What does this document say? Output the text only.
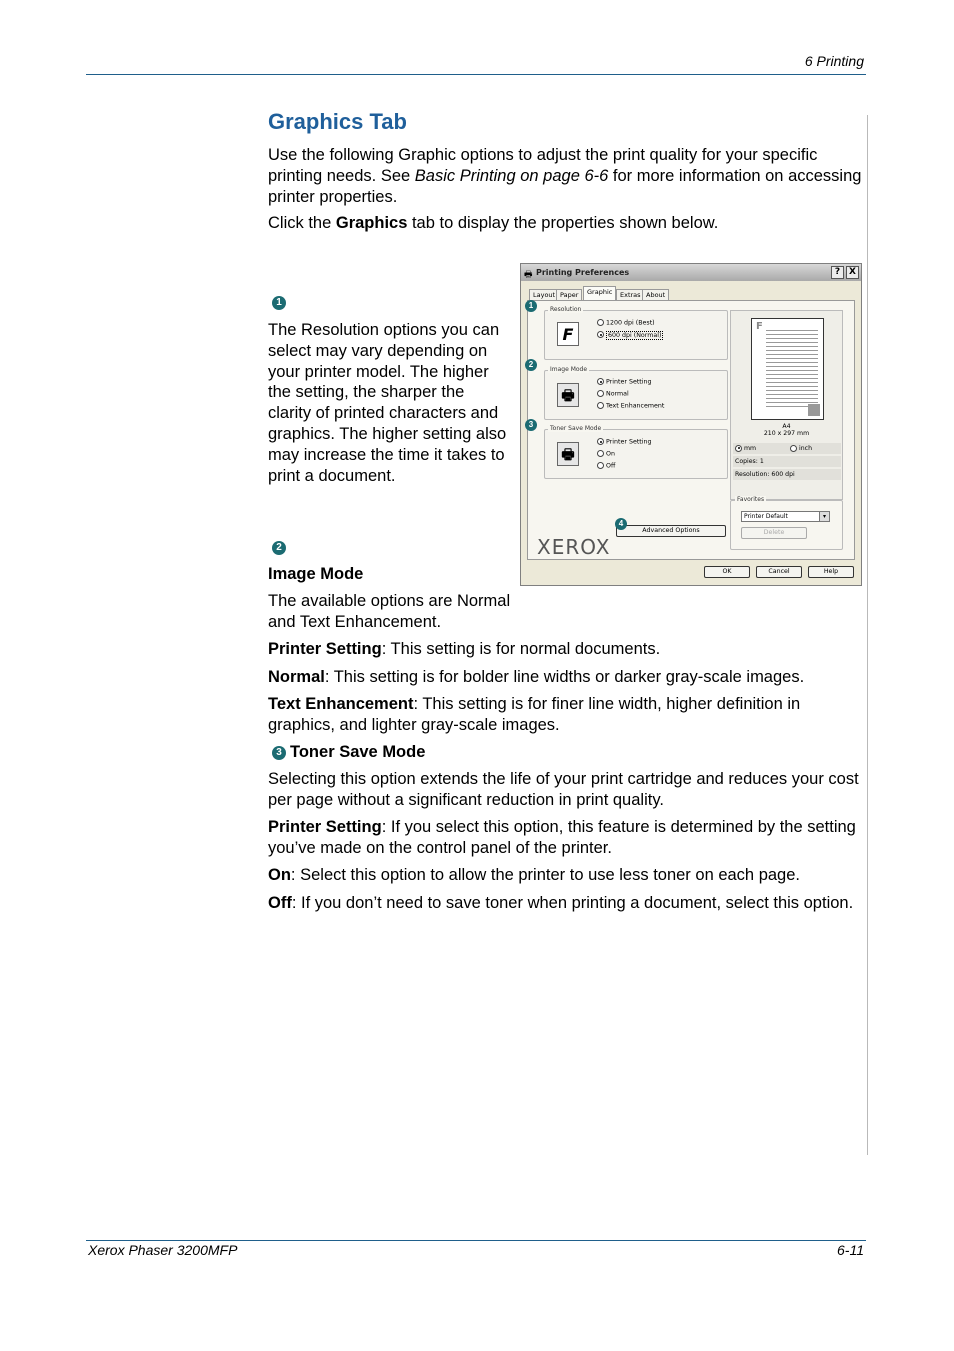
6 Printing
Xerox Phaser 3200MFP	6-11
Graphics Tab
Use the following Graphic options to adjust the print quality for your specific printing needs. See Basic Printing on page 6-6 for more information on accessing printer properties.
Click the Graphics tab to display the properties shown below.
1
The Resolution options you can select may vary depending on your printer model. The higher the setting, the sharper the clarity of printed characters and graphics. The higher setting also may increase the time it takes to print a document.
2
Image Mode
The available options are Normal and Text Enhancement.
Printer Setting: This setting is for normal documents.
Normal: This setting is for bolder line widths or darker gray-scale images.
Text Enhancement: This setting is for finer line width, higher definition in graphics, and lighter gray-scale images.
3 Toner Save Mode
Selecting this option extends the life of your print cartridge and reduces your cost per page without a significant reduction in print quality.
Printer Setting: If you select this option, this feature is determined by the setting you’ve made on the control panel of the printer.
On: Select this option to allow the printer to use less toner on each page.
Off: If you don’t need to save toner when printing a document, select this option.
🖶 Printing Preferences	? X
Layout Paper	Graphic	Extras About
F
1200 dpi (Best)
600 dpi (Normal)
Resolution
🖶
Printer Setting
Normal
Text Enhancement
Image Mode
🖶
Printer Setting
On
Off
Toner Save Mode
Advanced Options
F
A4
210 x 297 mm
mm	inch
Copies: 1
Resolution: 600 dpi
Printer Default	▾
Delete
Favorites
XEROX
OK	Cancel	Help
1
2
3
4
